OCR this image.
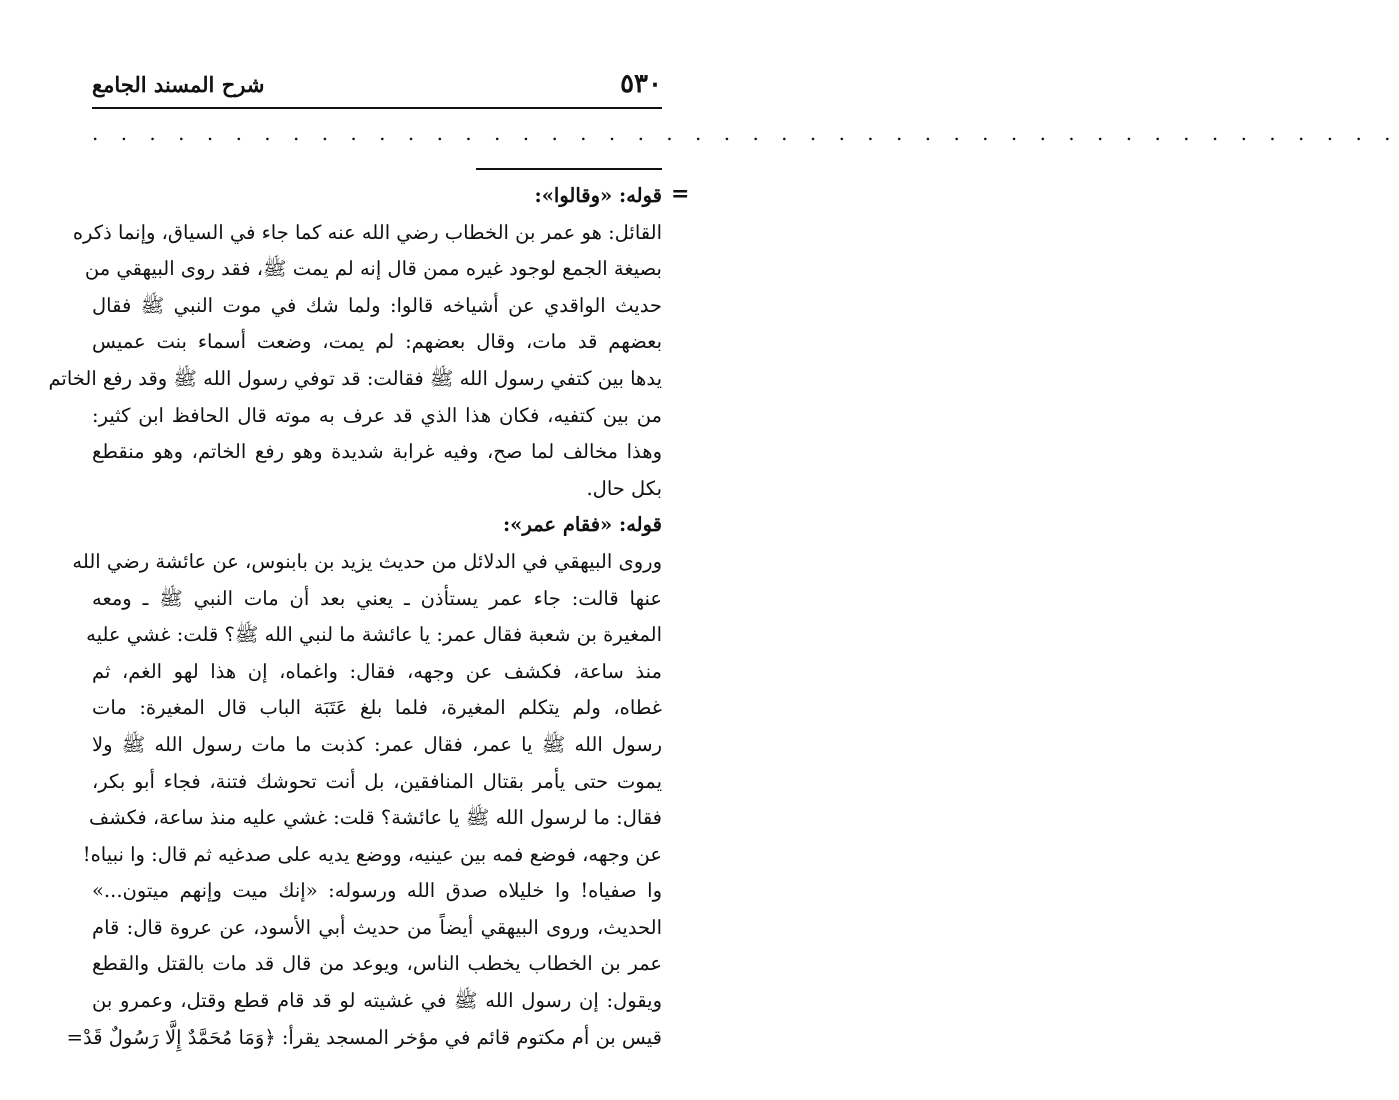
٥٣٠
شرح المسند الجامع
. . . . . . . . . . . . . . . . . . . . . . . . . . . . . . . . . . . . . . . . . . . . . .
=
قوله: «وقالوا»:
القائل: هو عمر بن الخطاب رضي الله عنه كما جاء في السياق، وإنما ذكره
بصيغة الجمع لوجود غيره ممن قال إنه لم يمت ﷺ، فقد روى البيهقي من
حديث الواقدي عن أشياخه قالوا: ولما شك في موت النبي ﷺ فقال
بعضهم قد مات، وقال بعضهم: لم يمت، وضعت أسماء بنت عميس
يدها بين كتفي رسول الله ﷺ فقالت: قد توفي رسول الله ﷺ وقد رفع الخاتم
من بين كتفيه، فكان هذا الذي قد عرف به موته قال الحافظ ابن كثير:
وهذا مخالف لما صح، وفيه غرابة شديدة وهو رفع الخاتم، وهو منقطع
بكل حال.
قوله: «فقام عمر»:
وروى البيهقي في الدلائل من حديث يزيد بن بابنوس، عن عائشة رضي الله
عنها قالت: جاء عمر يستأذن ـ يعني بعد أن مات النبي ﷺ ـ ومعه
المغيرة بن شعبة فقال عمر: يا عائشة ما لنبي الله ﷺ؟ قلت: غشي عليه
منذ ساعة، فكشف عن وجهه، فقال: واغماه، إن هذا لهو الغم، ثم
غطاه، ولم يتكلم المغيرة، فلما بلغ عَتَبَة الباب قال المغيرة: مات
رسول الله ﷺ يا عمر، فقال عمر: كذبت ما مات رسول الله ﷺ ولا
يموت حتى يأمر بقتال المنافقين، بل أنت تحوشك فتنة، فجاء أبو بكر،
فقال: ما لرسول الله ﷺ يا عائشة؟ قلت: غشي عليه منذ ساعة، فكشف
عن وجهه، فوضع فمه بين عينيه، ووضع يديه على صدغيه ثم قال: وا نبياه!
وا صفياه! وا خليلاه صدق الله ورسوله: «إنك ميت وإنهم ميتون...»
الحديث، وروى البيهقي أيضاً من حديث أبي الأسود، عن عروة قال: قام
عمر بن الخطاب يخطب الناس، ويوعد من قال قد مات بالقتل والقطع
ويقول: إن رسول الله ﷺ في غشيته لو قد قام قطع وقتل، وعمرو بن
قيس بن أم مكتوم قائم في مؤخر المسجد يقرأ: ﴿وَمَا مُحَمَّدٌ إِلَّا رَسُولٌ قَدْ=
